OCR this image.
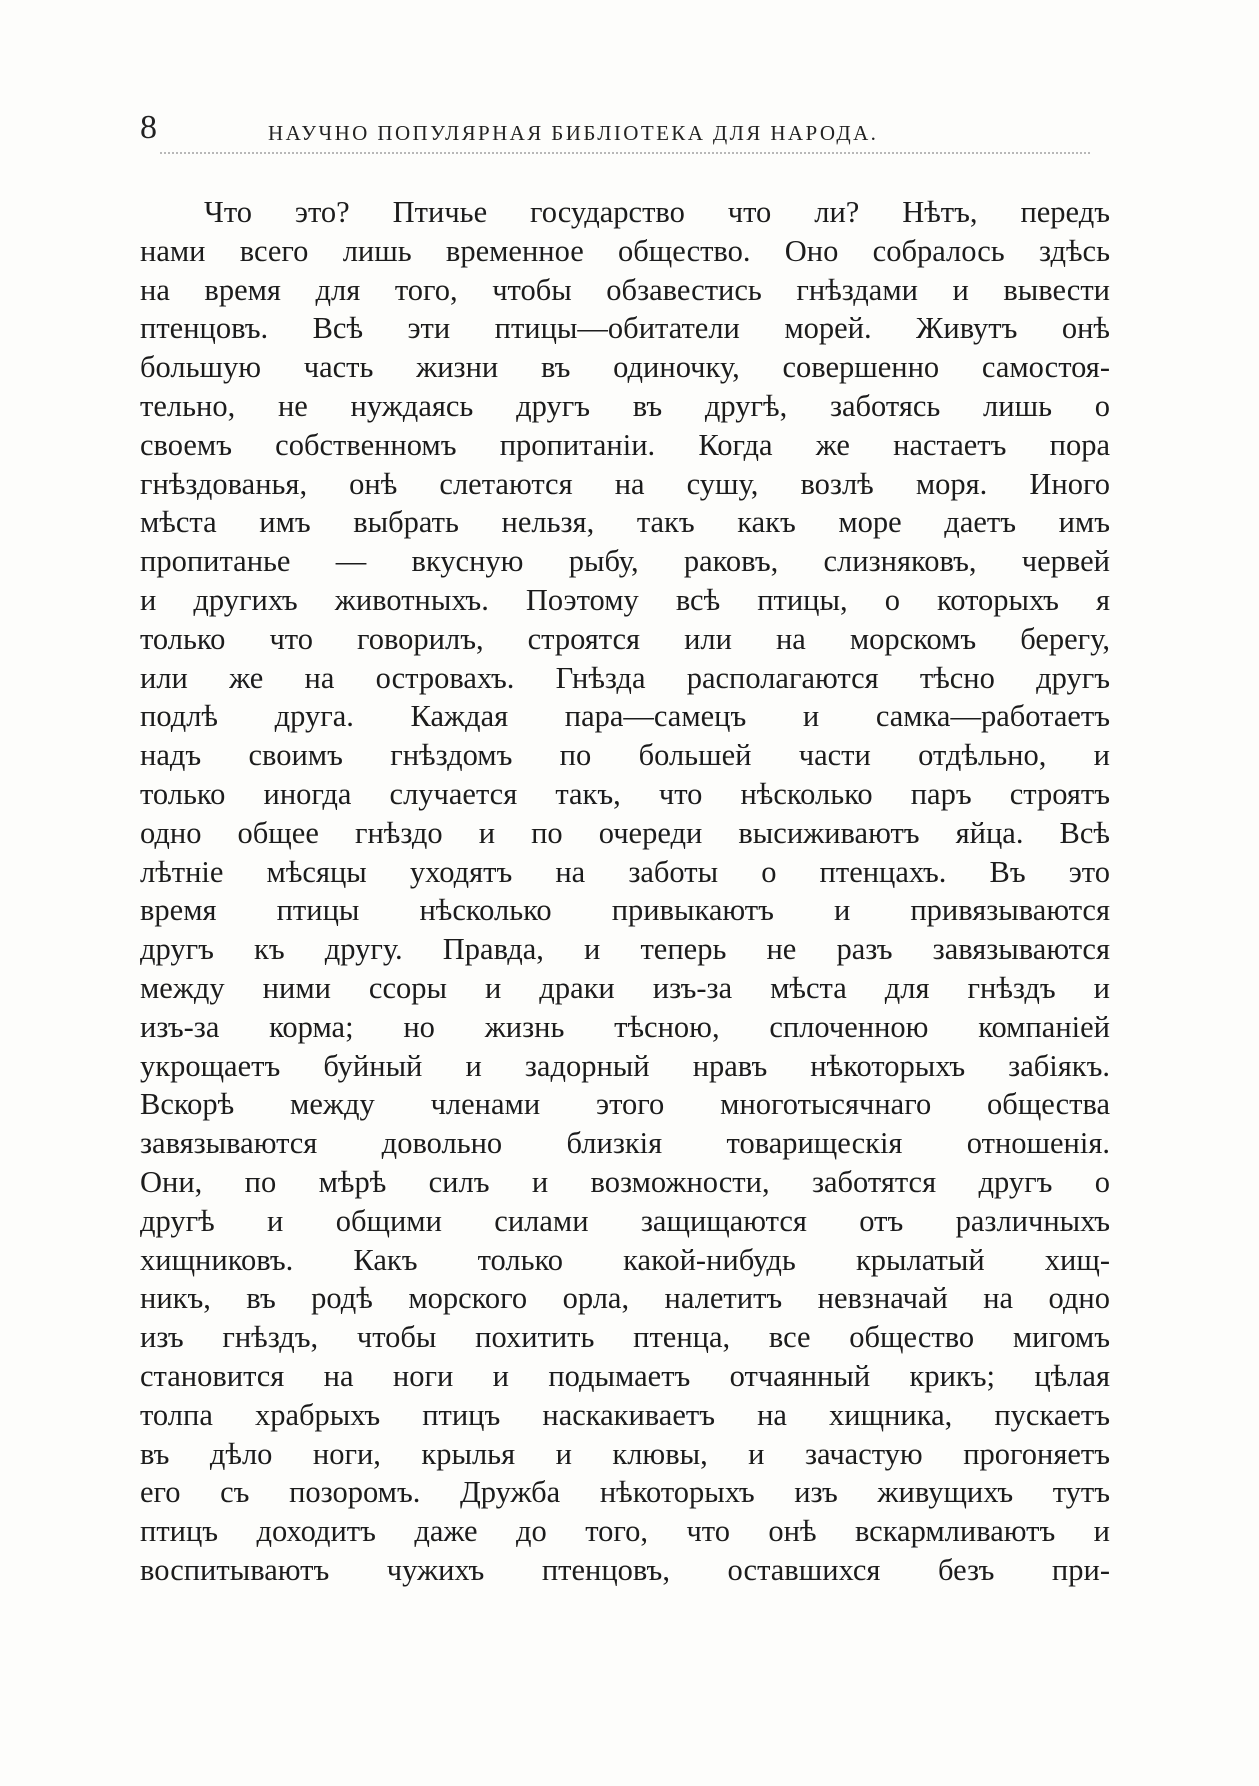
8	НАУЧНО ПОПУЛЯРНАЯ БИБЛІОТЕКА ДЛЯ НАРОДА.
Что это? Птичье государство что ли? Нѣтъ, передъ
нами всего лишь временное общество. Оно собралось здѣсь
на время для того, чтобы обзавестись гнѣздами и вывести
птенцовъ. Всѣ эти птицы—обитатели морей. Живутъ онѣ
большую часть жизни въ одиночку, совершенно самостоя-
тельно, не нуждаясь другъ въ другѣ, заботясь лишь о
своемъ собственномъ пропитаніи. Когда же настаетъ пора
гнѣздованья, онѣ слетаются на сушу, возлѣ моря. Иного
мѣста имъ выбрать нельзя, такъ какъ море даетъ имъ
пропитанье — вкусную рыбу, раковъ, слизняковъ, червей
и другихъ животныхъ. Поэтому всѣ птицы, о которыхъ я
только что говорилъ, строятся или на морскомъ берегу,
или же на островахъ. Гнѣзда располагаются тѣсно другъ
подлѣ друга. Каждая пара—самецъ и самка—работаетъ
надъ своимъ гнѣздомъ по большей части отдѣльно, и
только иногда случается такъ, что нѣсколько паръ строятъ
одно общее гнѣздо и по очереди высиживаютъ яйца. Всѣ
лѣтніе мѣсяцы уходятъ на заботы о птенцахъ. Въ это
время птицы нѣсколько привыкаютъ и привязываются
другъ къ другу. Правда, и теперь не разъ завязываются
между ними ссоры и драки изъ-за мѣста для гнѣздъ и
изъ-за корма; но жизнь тѣсною, сплоченною компаніей
укрощаетъ буйный и задорный нравъ нѣкоторыхъ забіякъ.
Вскорѣ между членами этого многотысячнаго общества
завязываются довольно близкія товарищескія отношенія.
Они, по мѣрѣ силъ и возможности, заботятся другъ о
другѣ и общими силами защищаются отъ различныхъ
хищниковъ. Какъ только какой-нибудь крылатый хищ-
никъ, въ родѣ морского орла, налетитъ невзначай на одно
изъ гнѣздъ, чтобы похитить птенца, все общество мигомъ
становится на ноги и подымаетъ отчаянный крикъ; цѣлая
толпа храбрыхъ птицъ наскакиваетъ на хищника, пускаетъ
въ дѣло ноги, крылья и клювы, и зачастую прогоняетъ
его съ позоромъ. Дружба нѣкоторыхъ изъ живущихъ тутъ
птицъ доходитъ даже до того, что онѣ вскармливаютъ и
воспитываютъ чужихъ птенцовъ, оставшихся безъ при-
